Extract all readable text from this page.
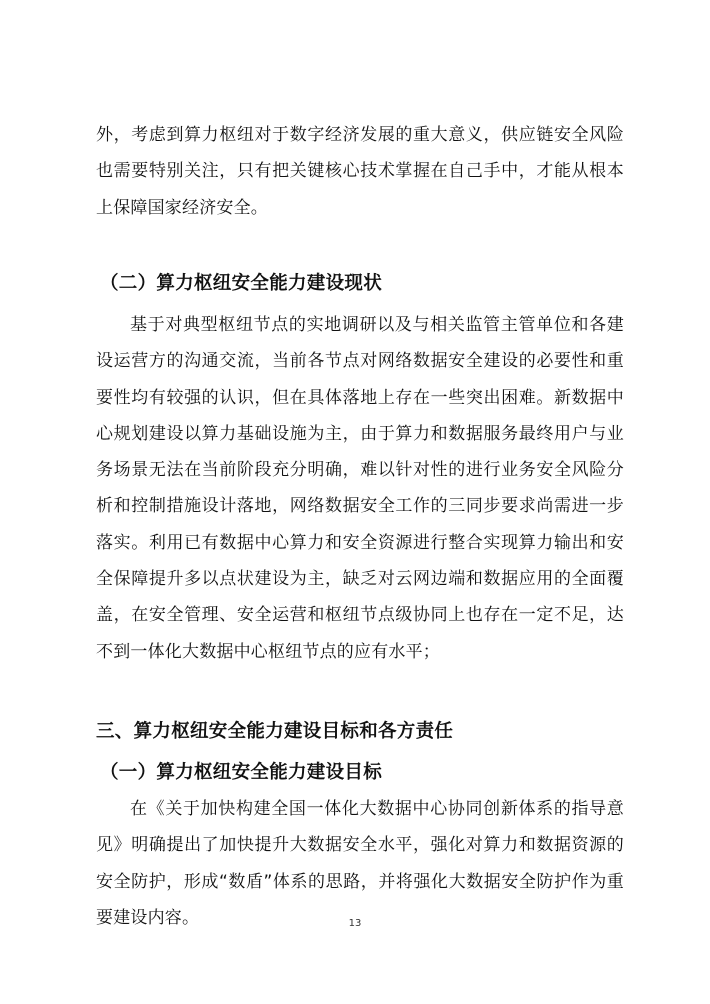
外，考虑到算力枢纽对于数字经济发展的重大意义，供应链安全风险也需要特别关注，只有把关键核心技术掌握在自己手中，才能从根本上保障国家经济安全。

（二）算力枢纽安全能力建设现状

基于对典型枢纽节点的实地调研以及与相关监管主管单位和各建设运营方的沟通交流，当前各节点对网络数据安全建设的必要性和重要性均有较强的认识，但在具体落地上存在一些突出困难。新数据中心规划建设以算力基础设施为主，由于算力和数据服务最终用户与业务场景无法在当前阶段充分明确，难以针对性的进行业务安全风险分析和控制措施设计落地，网络数据安全工作的三同步要求尚需进一步落实。利用已有数据中心算力和安全资源进行整合实现算力输出和安全保障提升多以点状建设为主，缺乏对云网边端和数据应用的全面覆盖，在安全管理、安全运营和枢纽节点级协同上也存在一定不足，达不到一体化大数据中心枢纽节点的应有水平；

三、算力枢纽安全能力建设目标和各方责任
（一）算力枢纽安全能力建设目标

在《关于加快构建全国一体化大数据中心协同创新体系的指导意见》明确提出了加快提升大数据安全水平，强化对算力和数据资源的安全防护，形成“数盾”体系的思路，并将强化大数据安全防护作为重要建设内容。	13
